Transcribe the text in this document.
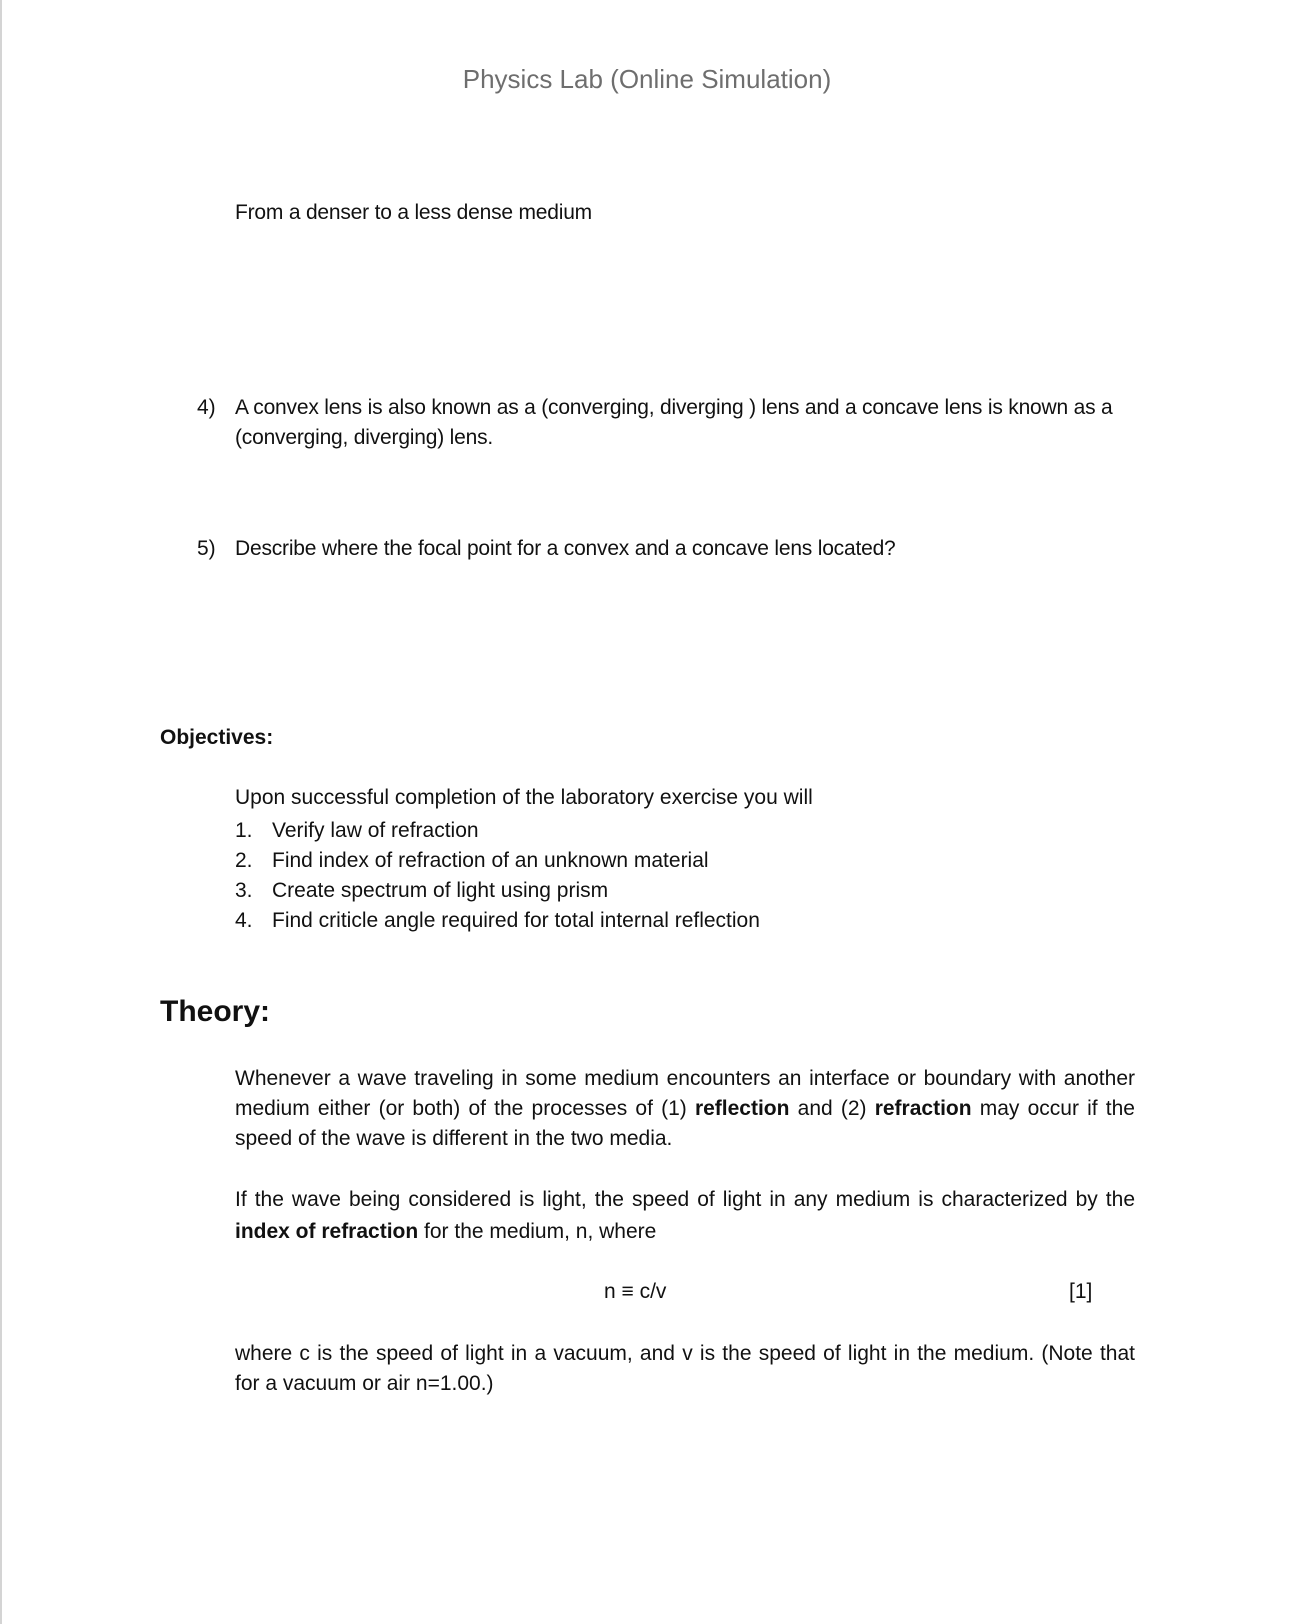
Physics Lab (Online Simulation)
From a denser to a less dense medium
4) A convex lens is also known as a (converging, diverging ) lens and a concave lens is known as a
(converging, diverging) lens.
5) Describe where the focal point for a convex and a concave lens located?
Objectives:
Upon successful completion of the laboratory exercise you will
1. Verify law of refraction
2. Find index of refraction of an unknown material
3. Create spectrum of light using prism
4. Find criticle angle required for total internal reflection
Theory:
Whenever a wave traveling in some medium encounters an interface or boundary with another medium either (or both) of the processes of (1) reflection and (2) refraction may occur if the speed of the wave is different in the two media.
If the wave being considered is light, the speed of light in any medium is characterized by the index of refraction for the medium, n, where
n ≡ c/v	[1]
where c is the speed of light in a vacuum, and v is the speed of light in the medium. (Note that for a vacuum or air n=1.00.)
